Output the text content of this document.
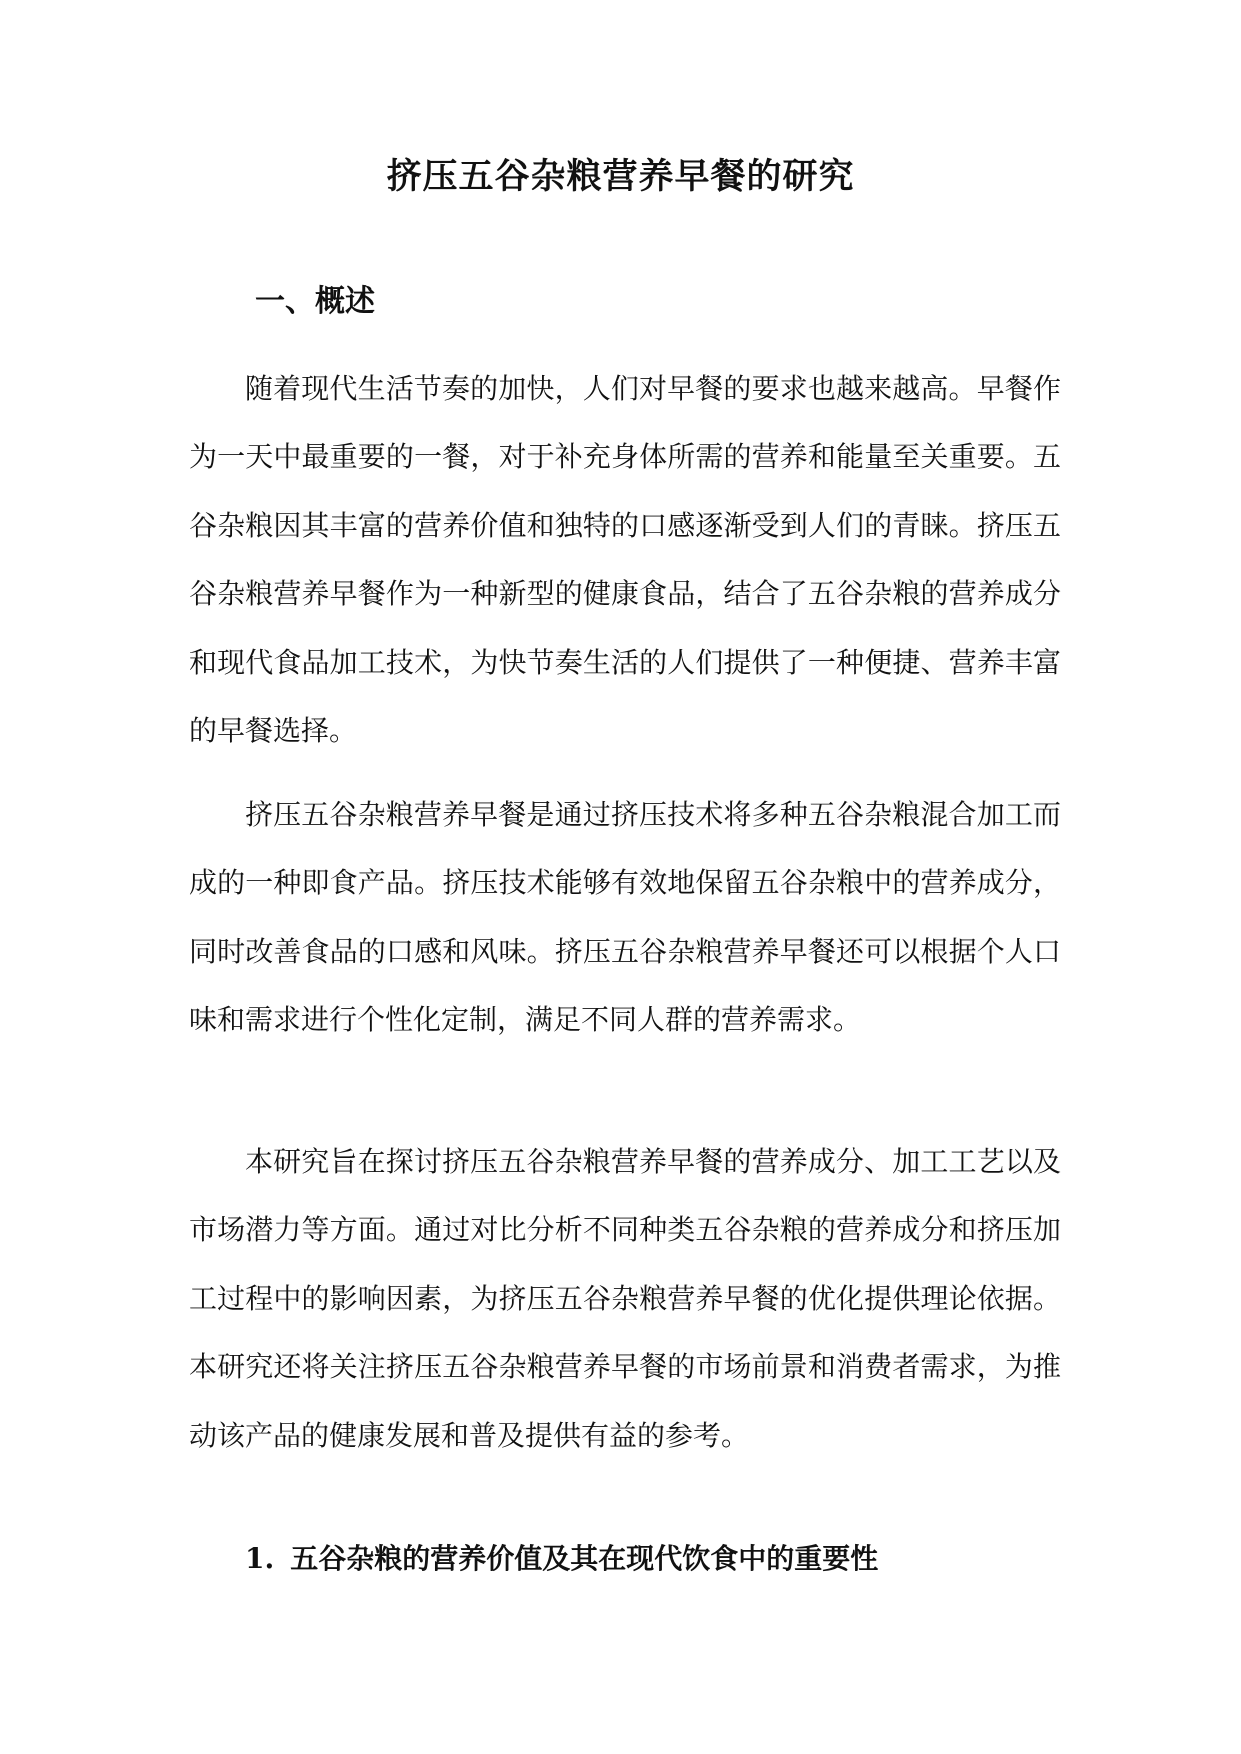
挤压五谷杂粮营养早餐的研究
一、概述

随着现代生活节奏的加快，人们对早餐的要求也越来越高。早餐作为一天中最重要的一餐，对于补充身体所需的营养和能量至关重要。五谷杂粮因其丰富的营养价值和独特的口感逐渐受到人们的青睐。挤压五谷杂粮营养早餐作为一种新型的健康食品，结合了五谷杂粮的营养成分和现代食品加工技术，为快节奏生活的人们提供了一种便捷、营养丰富的早餐选择。

挤压五谷杂粮营养早餐是通过挤压技术将多种五谷杂粮混合加工而成的一种即食产品。挤压技术能够有效地保留五谷杂粮中的营养成分，同时改善食品的口感和风味。挤压五谷杂粮营养早餐还可以根据个人口味和需求进行个性化定制，满足不同人群的营养需求。

本研究旨在探讨挤压五谷杂粮营养早餐的营养成分、加工工艺以及市场潜力等方面。通过对比分析不同种类五谷杂粮的营养成分和挤压加工过程中的影响因素，为挤压五谷杂粮营养早餐的优化提供理论依据。本研究还将关注挤压五谷杂粮营养早餐的市场前景和消费者需求，为推动该产品的健康发展和普及提供有益的参考。

1. 五谷杂粮的营养价值及其在现代饮食中的重要性
